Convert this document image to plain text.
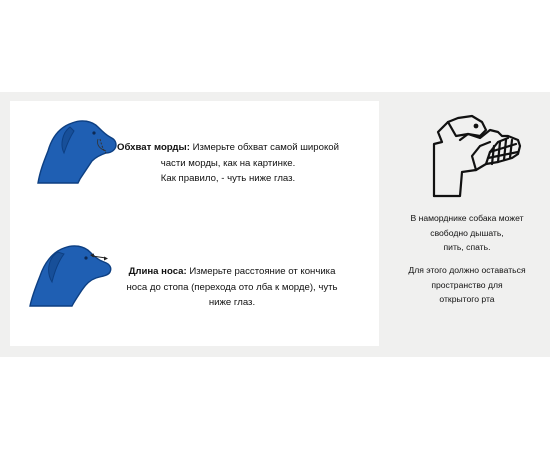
Обхват морды: Измерьте обхват самой широкой
части морды, как на картинке.
Как правило, - чуть ниже глаз.
Длина носа: Измерьте расстояние от кончика
носа до стопа (перехода ото лба к морде), чуть
ниже глаз.
В наморднике собака может
свободно дышать,
пить, спать.
Для этого должно оставаться
пространство для
открытого рта
